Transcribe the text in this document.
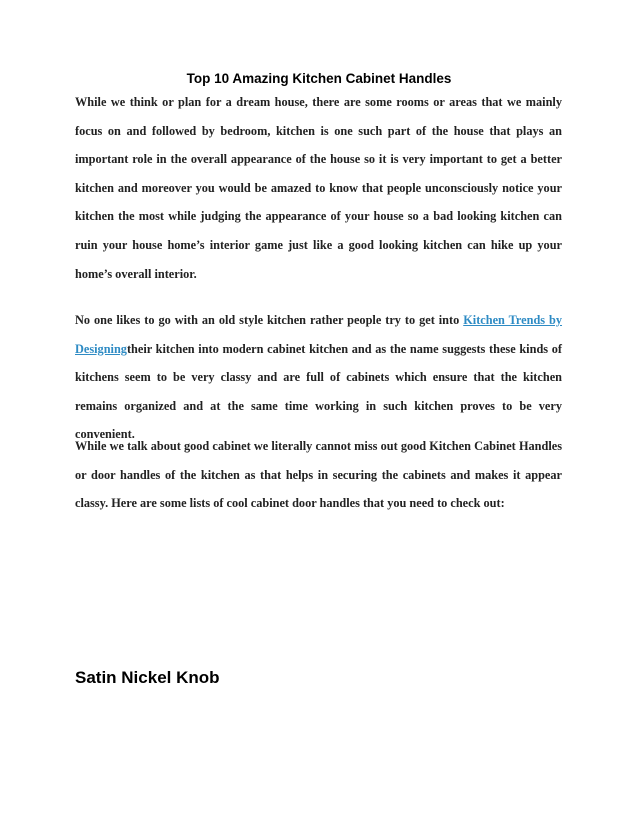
Top 10 Amazing Kitchen Cabinet Handles

While we think or plan for a dream house, there are some rooms or areas that we mainly focus on and followed by bedroom, kitchen is one such part of the house that plays an important role in the overall appearance of the house so it is very important to get a better kitchen and moreover you would be amazed to know that people unconsciously notice your kitchen the most while judging the appearance of your house so a bad looking kitchen can ruin your house home’s interior game just like a good looking kitchen can hike up your home’s overall interior.

No one likes to go with an old style kitchen rather people try to get into Kitchen Trends by Designingtheir kitchen into modern cabinet kitchen and as the name suggests these kinds of kitchens seem to be very classy and are full of cabinets which ensure that the kitchen remains organized and at the same time working in such kitchen proves to be very convenient.

While we talk about good cabinet we literally cannot miss out good Kitchen Cabinet Handles or door handles of the kitchen as that helps in securing the cabinets and makes it appear classy. Here are some lists of cool cabinet door handles that you need to check out:

Satin Nickel Knob
